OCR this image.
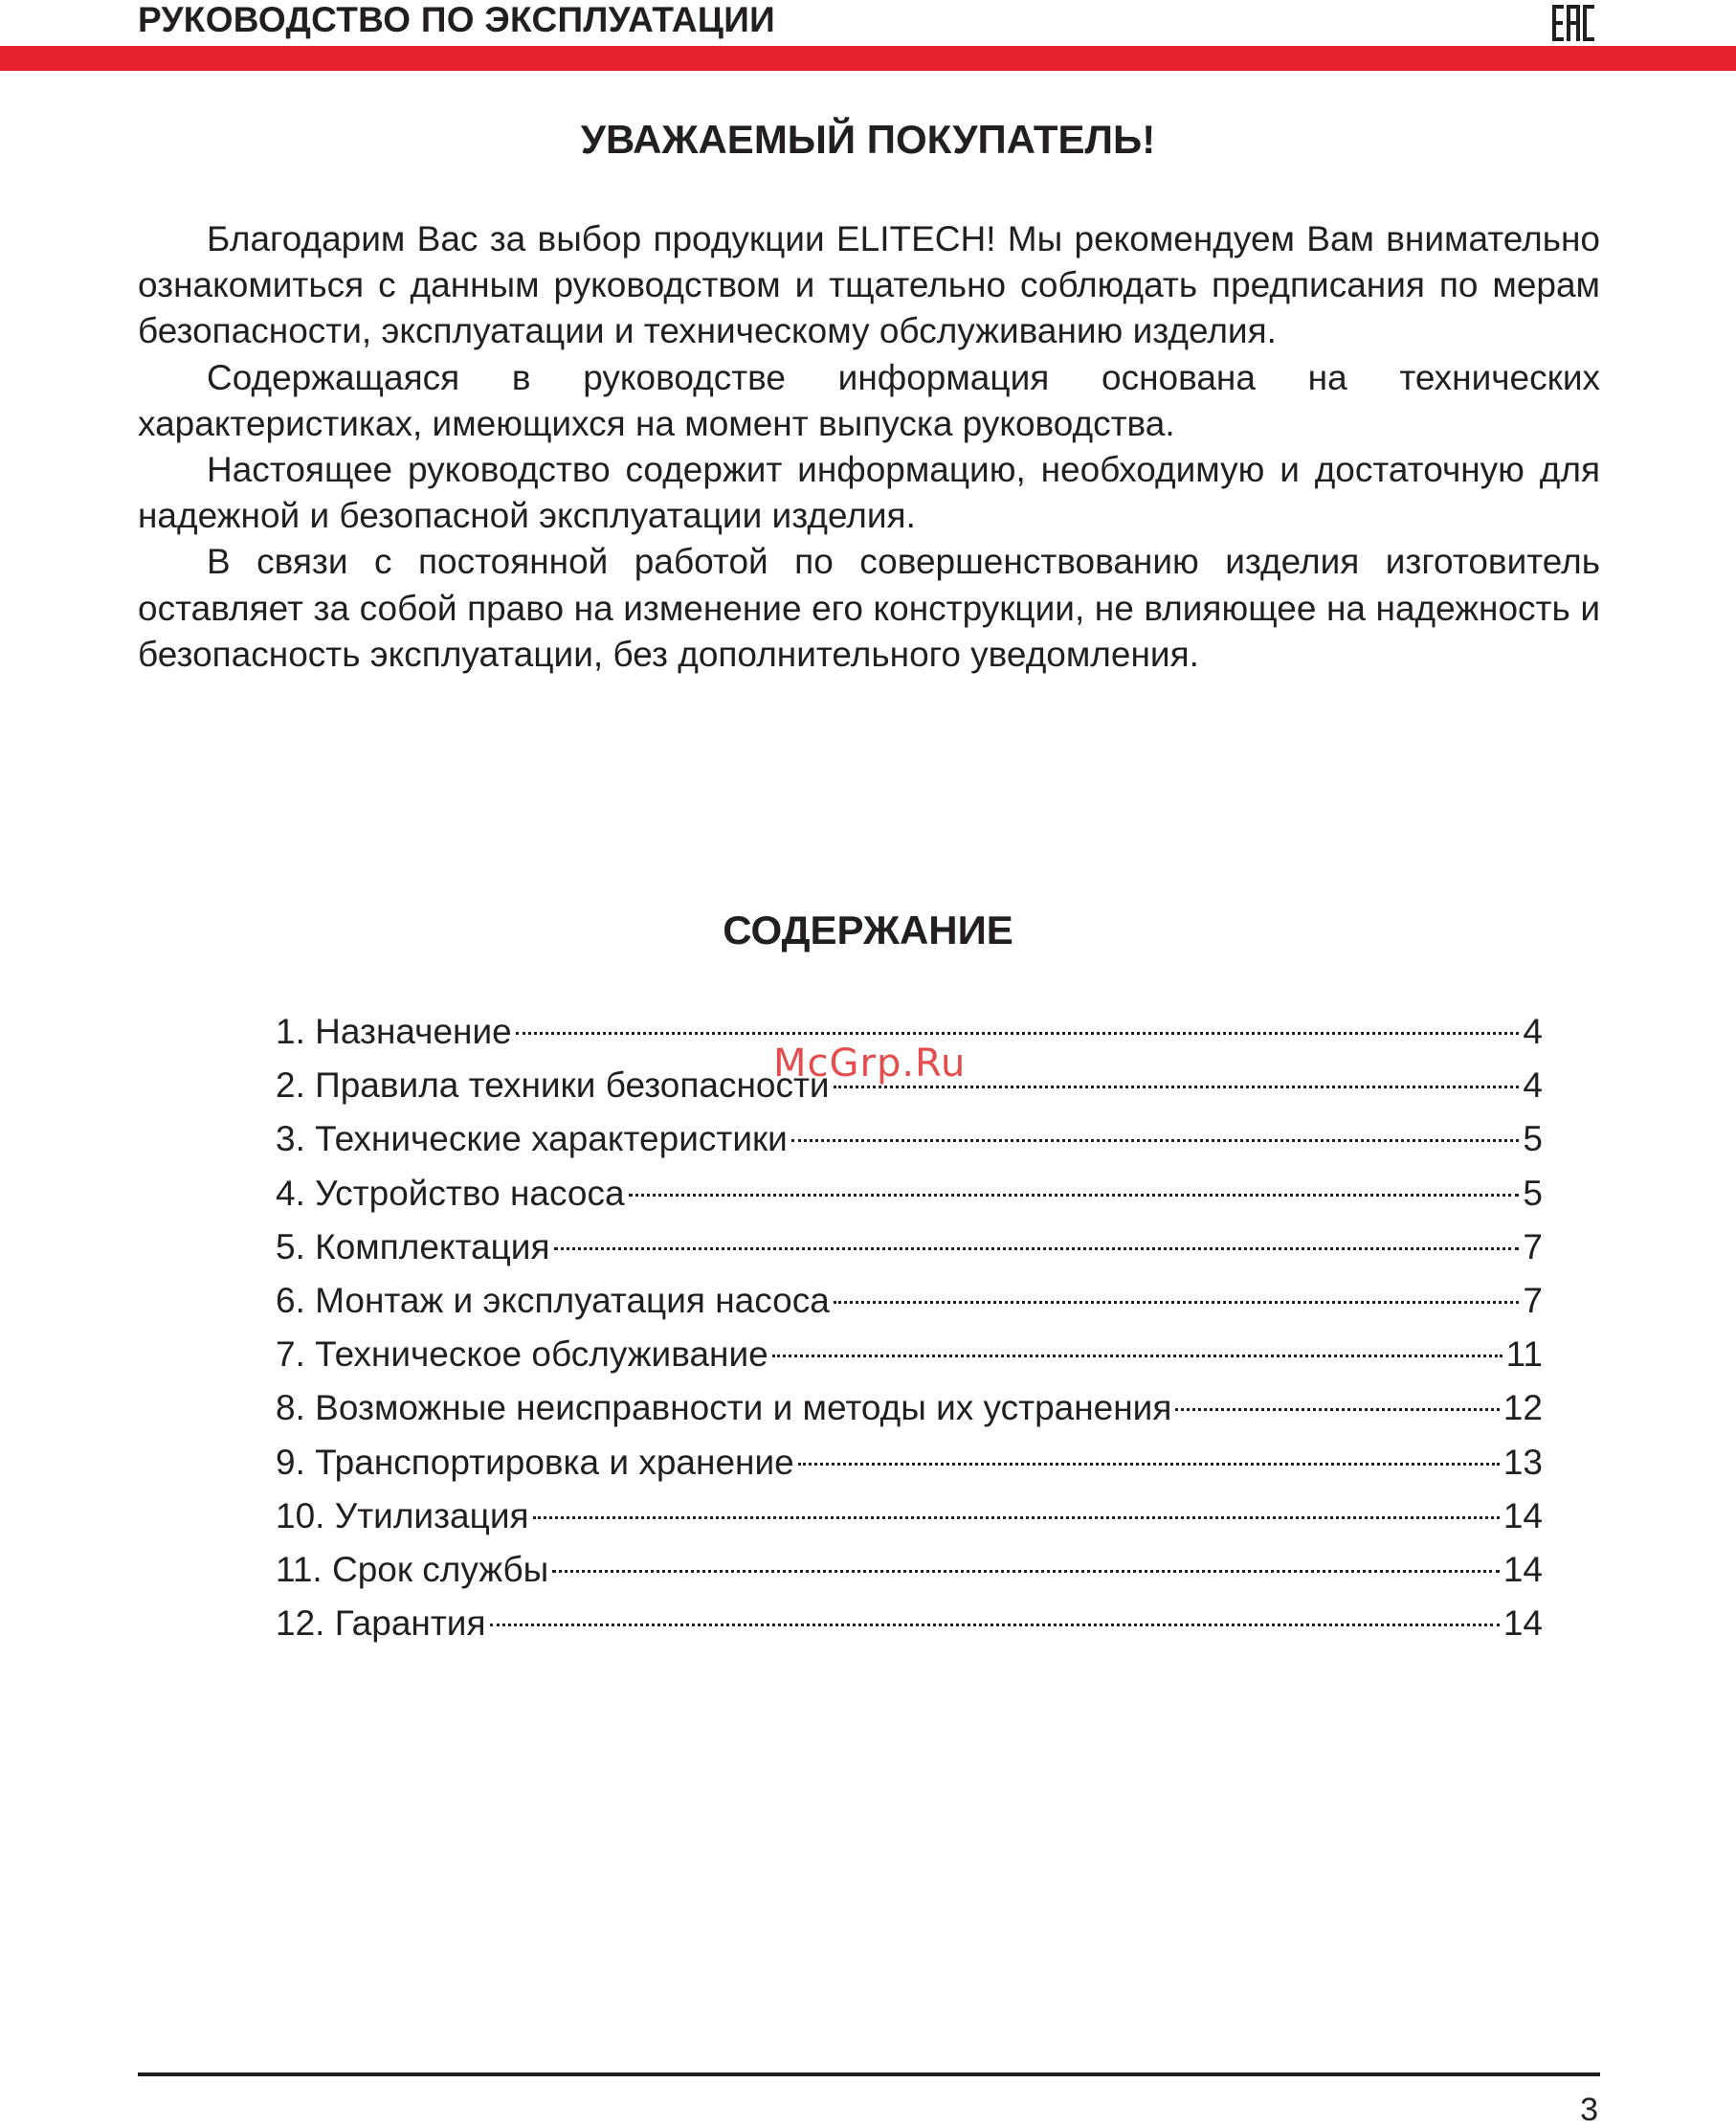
РУКОВОДСТВО ПО ЭКСПЛУАТАЦИИ
УВАЖАЕМЫЙ ПОКУПАТЕЛЬ!

Благодарим Вас за выбор продукции ELITECH! Мы рекомендуем Вам внимательно ознакомиться с данным руководством и тщательно соблюдать предписания по мерам безопасности, эксплуатации и техническому обслуживанию изделия.

Содержащаяся в руководстве информация основана на технических характеристиках, имеющихся на момент выпуска руководства.

Настоящее руководство содержит информацию, необходимую и достаточную для надежной и безопасной эксплуатации изделия.

В связи с постоянной работой по совершенствованию изделия изготовитель оставляет за собой право на изменение его конструкции, не влияющее на надежность и безопасность эксплуатации, без дополнительного уведомления.

СОДЕРЖАНИЕ
1. Назначение	4
2. Правила техники безопасности	4
3. Технические характеристики	5
4. Устройство насоса	5
5. Комплектация	7
6. Монтаж и эксплуатация насоса	7
7. Техническое обслуживание	11
8. Возможные неисправности и методы их устранения	12
9. Транспортировка и хранение	13
10. Утилизация	14
11. Срок службы	14
12. Гарантия	14
McGrp.Ru
3
